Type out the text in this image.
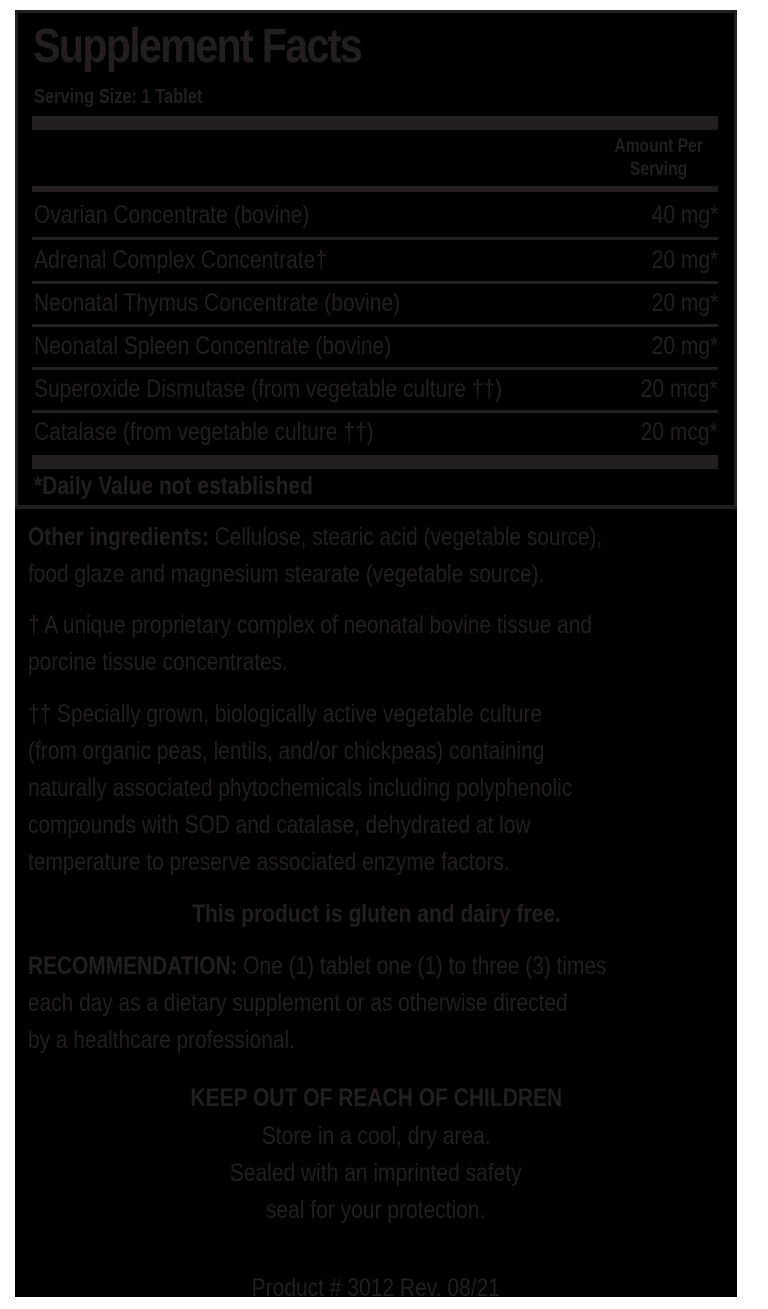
Supplement Facts
Serving Size: 1 Tablet
Amount Per
Serving
Ovarian Concentrate (bovine)	40 mg*
Adrenal Complex Concentrate†	20 mg*
Neonatal Thymus Concentrate (bovine)	20 mg*
Neonatal Spleen Concentrate (bovine)	20 mg*
Superoxide Dismutase (from vegetable culture ††)	20 mcg*
Catalase (from vegetable culture ††)	20 mcg*
*Daily Value not established
Other ingredients: Cellulose, stearic acid (vegetable source),
food glaze and magnesium stearate (vegetable source).
† A unique proprietary complex of neonatal bovine tissue and
porcine tissue concentrates.
†† Specially grown, biologically active vegetable culture
(from organic peas, lentils, and/or chickpeas) containing
naturally associated phytochemicals including polyphenolic
compounds with SOD and catalase, dehydrated at low
temperature to preserve associated enzyme factors.
This product is gluten and dairy free.
RECOMMENDATION: One (1) tablet one (1) to three (3) times
each day as a dietary supplement or as otherwise directed
by a healthcare professional.
KEEP OUT OF REACH OF CHILDREN
Store in a cool, dry area.
Sealed with an imprinted safety
seal for your protection.
Product # 3012 Rev. 08/21
